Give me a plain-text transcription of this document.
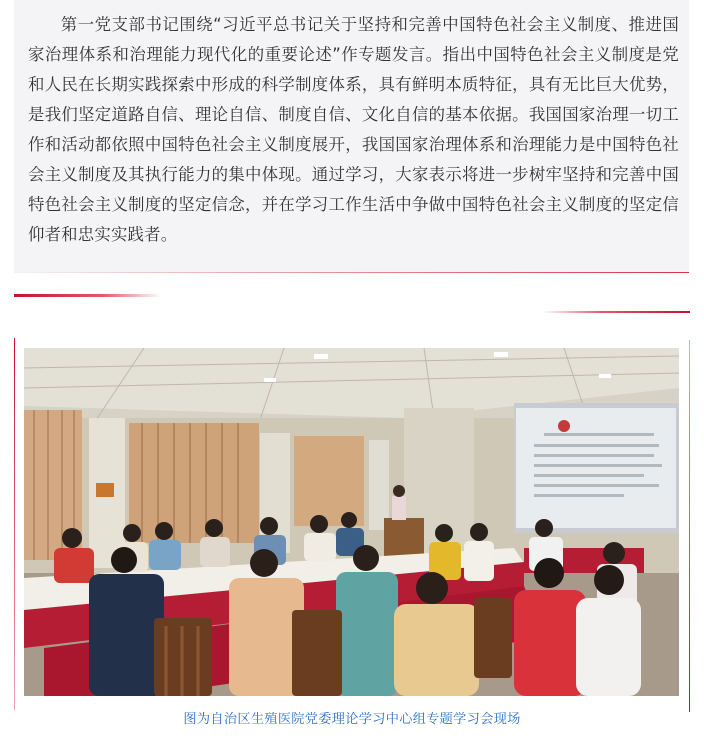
第一党支部书记围绕“习近平总书记关于坚持和完善中国特色社会主义制度、推进国家治理体系和治理能力现代化的重要论述”作专题发言。指出中国特色社会主义制度是党和人民在长期实践探索中形成的科学制度体系，具有鲜明本质特征，具有无比巨大优势，是我们坚定道路自信、理论自信、制度自信、文化自信的基本依据。我国国家治理一切工作和活动都依照中国特色社会主义制度展开，我国国家治理体系和治理能力是中国特色社会主义制度及其执行能力的集中体现。通过学习，大家表示将进一步树牢坚持和完善中国特色社会主义制度的坚定信念，并在学习工作生活中争做中国特色社会主义制度的坚定信仰者和忠实实践者。

图为自治区生殖医院党委理论学习中心组专题学习会现场
